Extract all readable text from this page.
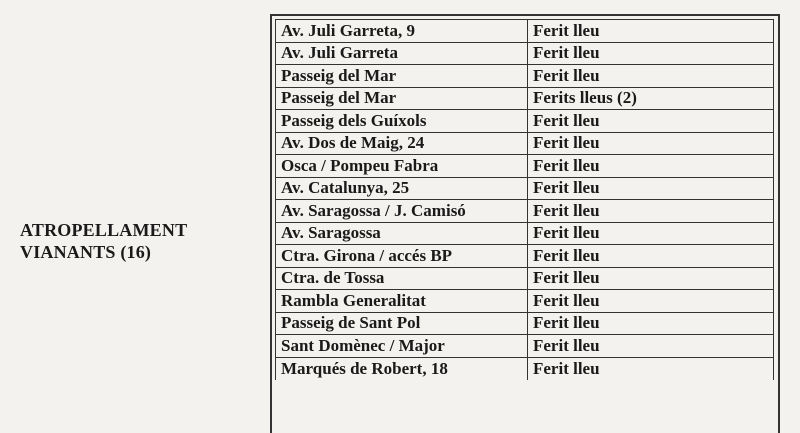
ATROPELLAMENT
VIANANTS (16)
Av. Juli Garreta, 9	Ferit lleu
Av. Juli Garreta	Ferit lleu
Passeig del Mar	Ferit lleu
Passeig del Mar	Ferits lleus (2)
Passeig dels Guíxols	Ferit lleu
Av. Dos de Maig, 24	Ferit lleu
Osca / Pompeu Fabra	Ferit lleu
Av. Catalunya, 25	Ferit lleu
Av. Saragossa / J. Camisó	Ferit lleu
Av. Saragossa	Ferit lleu
Ctra. Girona / accés BP	Ferit lleu
Ctra. de Tossa	Ferit lleu
Rambla Generalitat	Ferit lleu
Passeig de Sant Pol	Ferit lleu
Sant Domènec / Major	Ferit lleu
Marqués de Robert, 18	Ferit lleu
